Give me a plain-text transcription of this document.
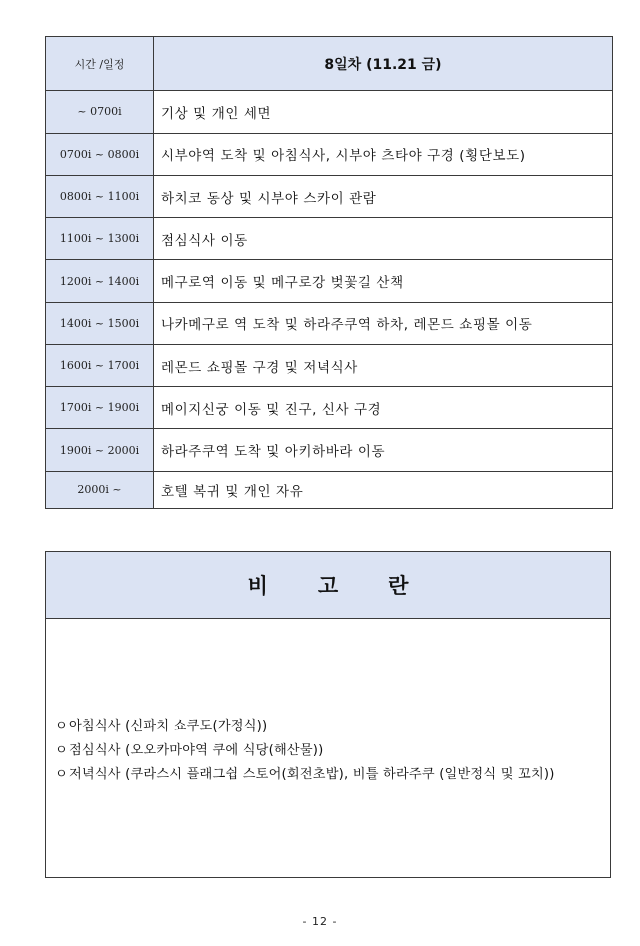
시간 /일정	8일차 (11.21 금)
~ 0700i	기상 및 개인 세면
0700i ~ 0800i	시부야역 도착 및 아침식사, 시부야 츠타야 구경 (횡단보도)
0800i ~ 1100i	하치코 동상 및 시부야 스카이 관람
1100i ~ 1300i	점심식사 이동
1200i ~ 1400i	메구로역 이동 및 메구로강 벚꽃길 산책
1400i ~ 1500i	나카메구로 역 도착 및 하라주쿠역 하차, 레몬드 쇼핑몰 이동
1600i ~ 1700i	레몬드 쇼핑몰 구경 및 저녁식사
1700i ~ 1900i	메이지신궁 이동 및 진구, 신사 구경
1900i ~ 2000i	하라주쿠역 도착 및 아키하바라 이동
2000i ~	호텔 복귀 및 개인 자유
비고란
ㅇ아침식사 (신파치 쇼쿠도(가정식))
ㅇ점심식사 (오오카마야역 쿠에 식당(해산물))
ㅇ저녁식사 (쿠라스시 플래그쉽 스토어(회전초밥), 비틀 하라주쿠 (일반정식 및 꼬치))
- 12 -
